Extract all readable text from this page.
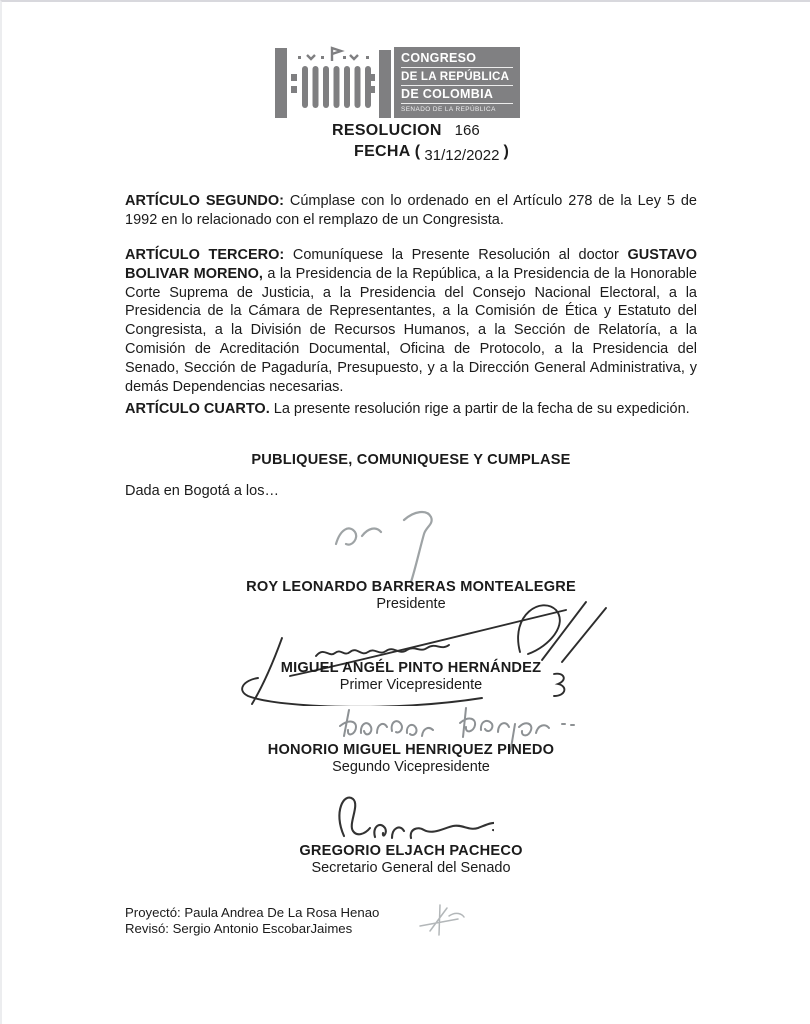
CONGRESO
DE LA REPÚBLICA
DE COLOMBIA
SENADO DE LA REPÚBLICA
RESOLUCION 166
FECHA ( 31/12/2022 )

ARTÍCULO SEGUNDO: Cúmplase con lo ordenado en el Artículo 278 de la Ley 5 de 1992 en lo relacionado con el remplazo de un Congresista.

ARTÍCULO TERCERO: Comuníquese la Presente Resolución al doctor GUSTAVO BOLIVAR MORENO, a la Presidencia de la República, a la Presidencia de la Honorable Corte Suprema de Justicia, a la Presidencia del Consejo Nacional Electoral, a la Presidencia de la Cámara de Representantes, a la Comisión de Ética y Estatuto del Congresista, a la División de Recursos Humanos, a la Sección de Relatoría, a la Comisión de Acreditación Documental, Oficina de Protocolo, a la Presidencia del Senado, Sección de Pagaduría, Presupuesto, y a la Dirección General Administrativa, y demás Dependencias necesarias.

ARTÍCULO CUARTO. La presente resolución rige a partir de la fecha de su expedición.

PUBLIQUESE, COMUNIQUESE Y CUMPLASE
Dada en Bogotá a los…
ROY LEONARDO BARRERAS MONTEALEGRE
Presidente
MIGUEL ANGÉL PINTO HERNÁNDEZ
Primer Vicepresidente
HONORIO MIGUEL HENRIQUEZ PINEDO
Segundo Vicepresidente
GREGORIO ELJACH PACHECO
Secretario General del Senado
Proyectó: Paula Andrea De La Rosa Henao
Revisó: Sergio Antonio EscobarJaimes
